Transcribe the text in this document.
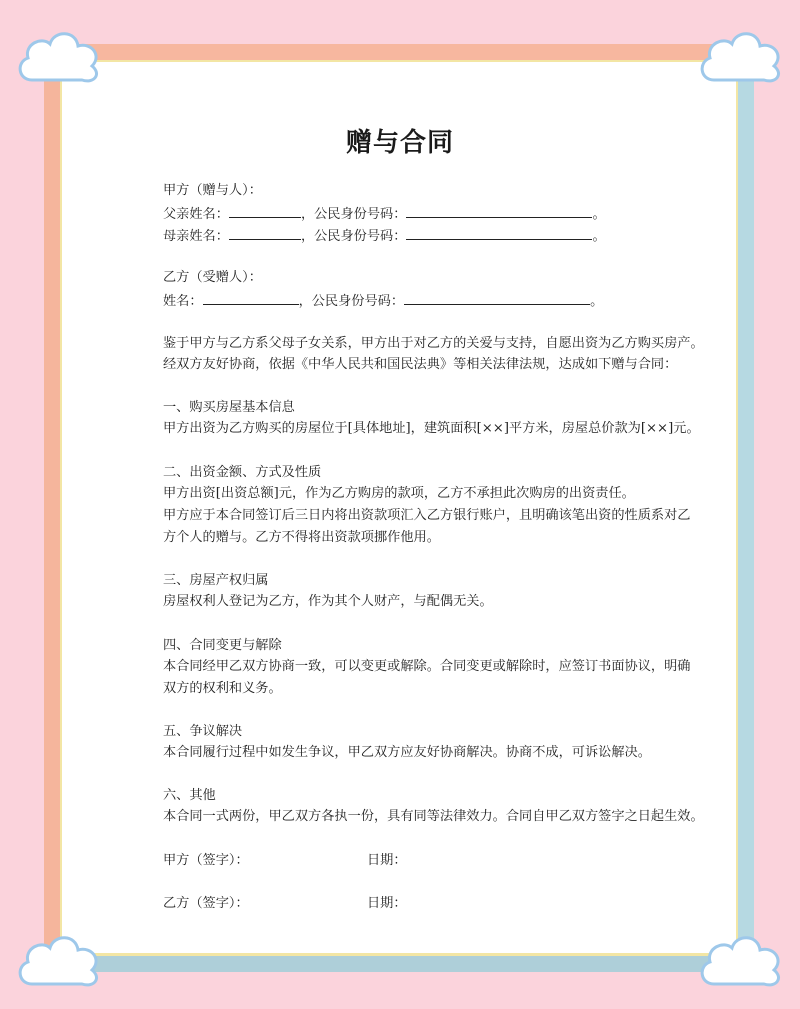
赠与合同
甲方（赠与人）：
父亲姓名：	，公民身份号码：	。
母亲姓名：	，公民身份号码：	。
乙方（受赠人）：
姓名：	，公民身份号码：	。
鉴于甲方与乙方系父母子女关系，甲方出于对乙方的关爱与支持，自愿出资为乙方购买房产。
经双方友好协商，依据《中华人民共和国民法典》等相关法律法规，达成如下赠与合同：
一、购买房屋基本信息
甲方出资为乙方购买的房屋位于[具体地址]，建筑面积[××]平方米，房屋总价款为[××]元。
二、出资金额、方式及性质
甲方出资[出资总额]元，作为乙方购房的款项，乙方不承担此次购房的出资责任。
甲方应于本合同签订后三日内将出资款项汇入乙方银行账户，且明确该笔出资的性质系对乙
方个人的赠与。乙方不得将出资款项挪作他用。
三、房屋产权归属
房屋权利人登记为乙方，作为其个人财产，与配偶无关。
四、合同变更与解除
本合同经甲乙双方协商一致，可以变更或解除。合同变更或解除时，应签订书面协议，明确
双方的权利和义务。
五、争议解决
本合同履行过程中如发生争议，甲乙双方应友好协商解决。协商不成，可诉讼解决。
六、其他
本合同一式两份，甲乙双方各执一份，具有同等法律效力。合同自甲乙双方签字之日起生效。
甲方（签字）：	日期：
乙方（签字）：	日期：
